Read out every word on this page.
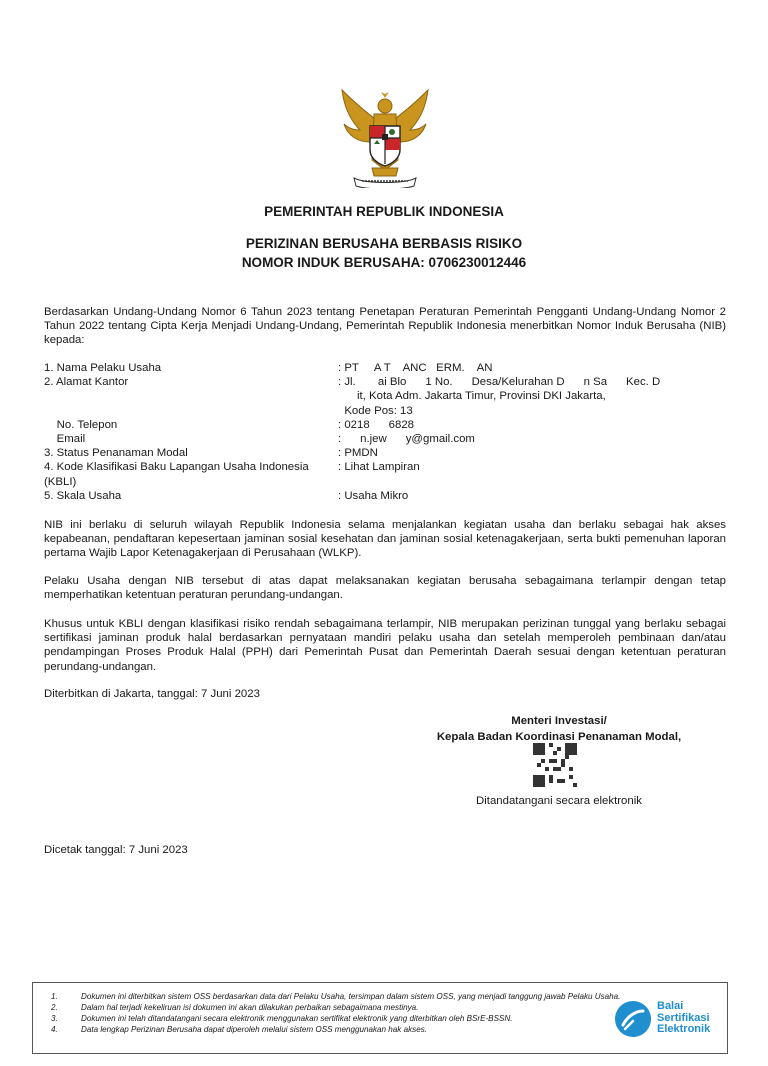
PEMERINTAH REPUBLIK INDONESIA
PERIZINAN BERUSAHA BERBASIS RISIKO
NOMOR INDUK BERUSAHA: 0706230012446

Berdasarkan Undang-Undang Nomor 6 Tahun 2023 tentang Penetapan Peraturan Pemerintah Pengganti Undang-Undang Nomor 2 Tahun 2022 tentang Cipta Kerja Menjadi Undang-Undang, Pemerintah Republik Indonesia menerbitkan Nomor Induk Berusaha (NIB) kepada:

1. Nama Pelaku Usaha	: PT     A T    ANC   ERM.    AN
2. Alamat Kantor	: Jl.       ai Blo      1 No.      Desa/Kelurahan D      n Sa      Kec. D
it, Kota Adm. Jakarta Timur, Provinsi DKI Jakarta,
Kode Pos: 13
No. Telepon	: 0218      6828
Email	:      n.jew      y@gmail.com
3. Status Penanaman Modal	: PMDN
4. Kode Klasifikasi Baku Lapangan Usaha Indonesia (KBLI)
: Lihat Lampiran
5. Skala Usaha	: Usaha Mikro

NIB ini berlaku di seluruh wilayah Republik Indonesia selama menjalankan kegiatan usaha dan berlaku sebagai hak akses kepabeanan, pendaftaran kepesertaan jaminan sosial kesehatan dan jaminan sosial ketenagakerjaan, serta bukti pemenuhan laporan pertama Wajib Lapor Ketenagakerjaan di Perusahaan (WLKP).

Pelaku Usaha dengan NIB tersebut di atas dapat melaksanakan kegiatan berusaha sebagaimana terlampir dengan tetap memperhatikan ketentuan peraturan perundang-undangan.

Khusus untuk KBLI dengan klasifikasi risiko rendah sebagaimana terlampir, NIB merupakan perizinan tunggal yang berlaku sebagai sertifikasi jaminan produk halal berdasarkan pernyataan mandiri pelaku usaha dan setelah memperoleh pembinaan dan/atau pendampingan Proses Produk Halal (PPH) dari Pemerintah Pusat dan Pemerintah Daerah sesuai dengan ketentuan peraturan perundang-undangan.

Diterbitkan di Jakarta, tanggal: 7 Juni 2023

Menteri Investasi/
Kepala Badan Koordinasi Penanaman Modal,
Ditandatangani secara elektronik
Dicetak tanggal: 7 Juni 2023
1.	Dokumen ini diterbitkan sistem OSS berdasarkan data dari Pelaku Usaha, tersimpan dalam sistem OSS, yang menjadi tanggung jawab Pelaku Usaha.
2.	Dalam hal terjadi kekeliruan isi dokumen ini akan dilakukan perbaikan sebagaimana mestinya.
3.	Dokumen ini telah ditandatangani secara elektronik menggunakan sertifikat elektronik yang diterbitkan oleh BSrE-BSSN.
4.	Data lengkap Perizinan Berusaha dapat diperoleh melalui sistem OSS menggunakan hak akses.
Balai
Sertifikasi
Elektronik
